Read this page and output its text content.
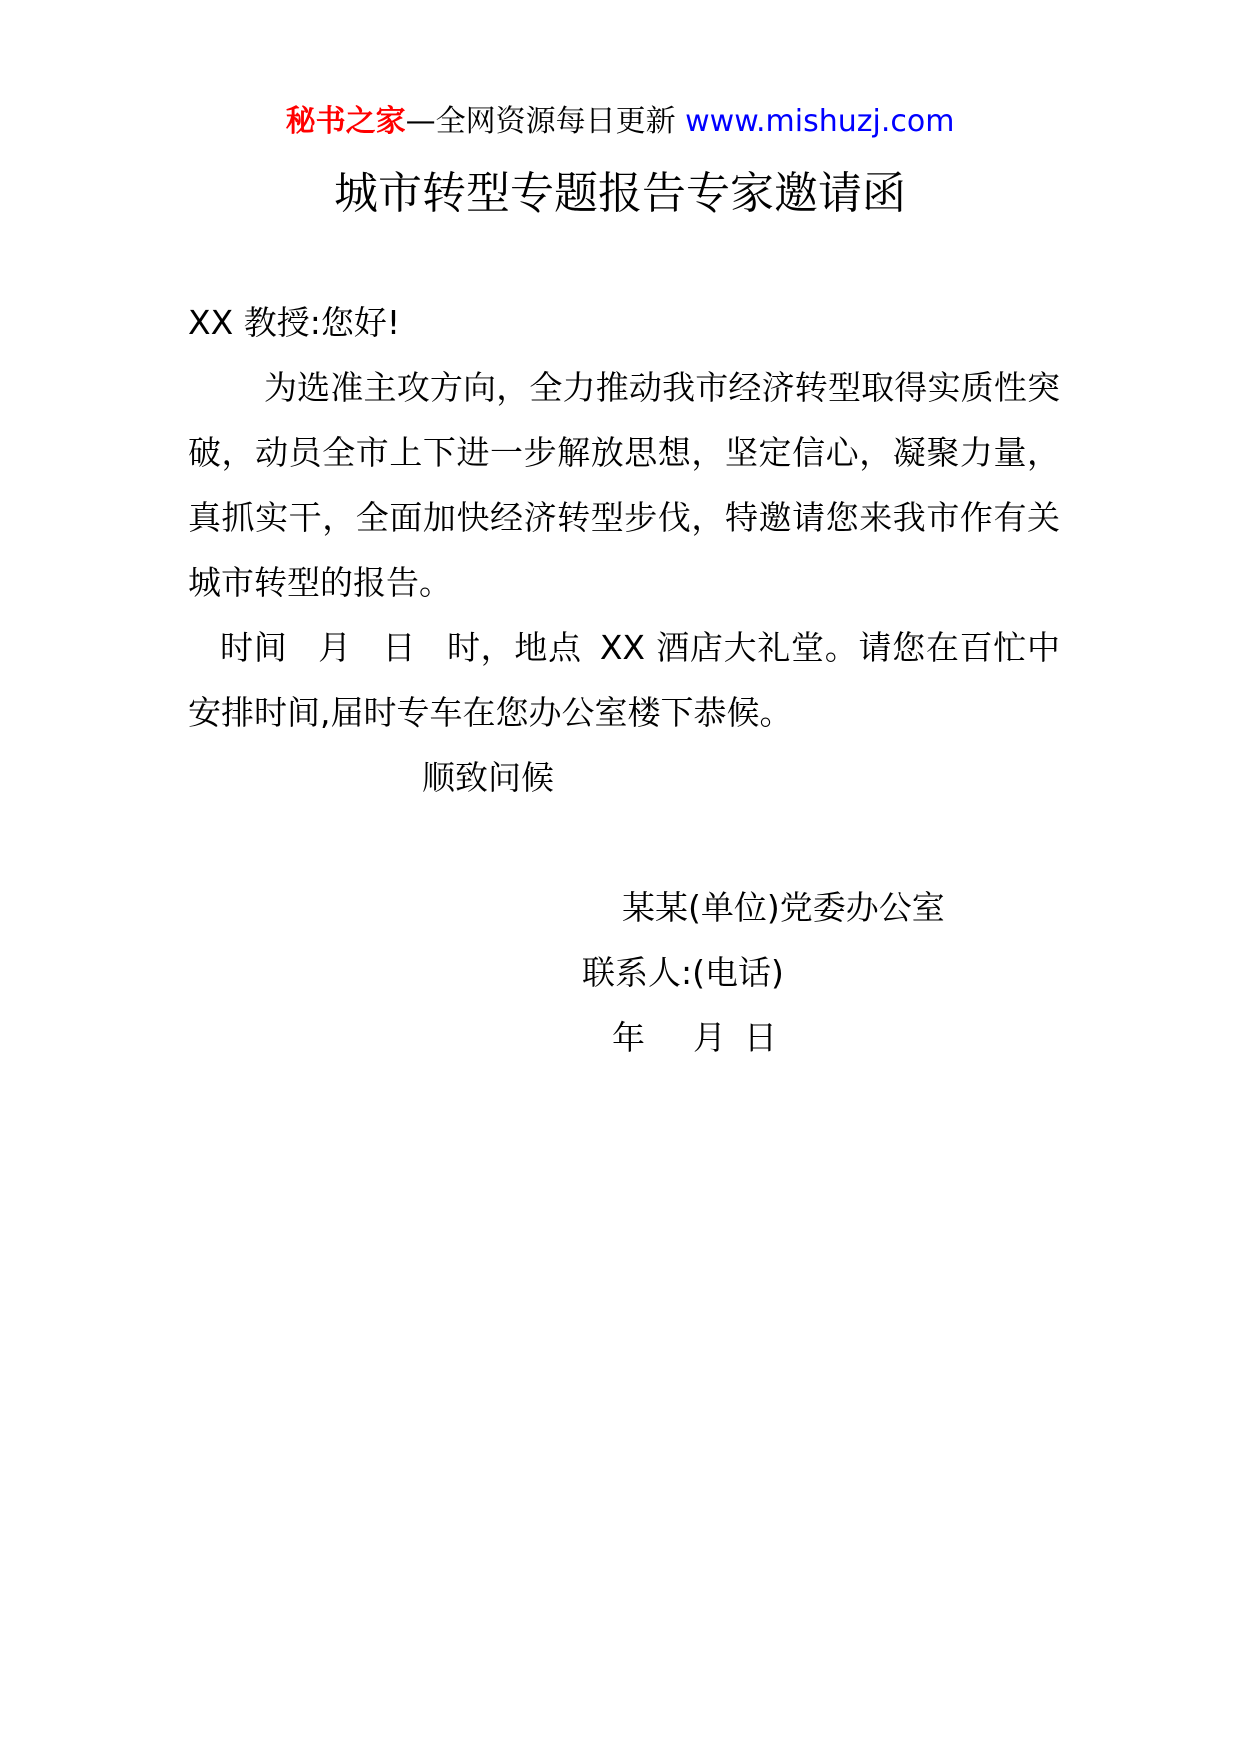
秘书之家—全网资源每日更新 www.mishuzj.com
城市转型专题报告专家邀请函
XX 教授:您好!
为选准主攻方向，全力推动我市经济转型取得实质性突破，动员全市上下进一步解放思想，坚定信心，凝聚力量，真抓实干，全面加快经济转型步伐，特邀请您来我市作有关城市转型的报告。
时间 月 日 时，地点 XX 酒店大礼堂。请您在百忙中安排时间,届时专车在您办公室楼下恭候。
顺致问候
某某(单位)党委办公室
联系人:(电话)
年 月 日
